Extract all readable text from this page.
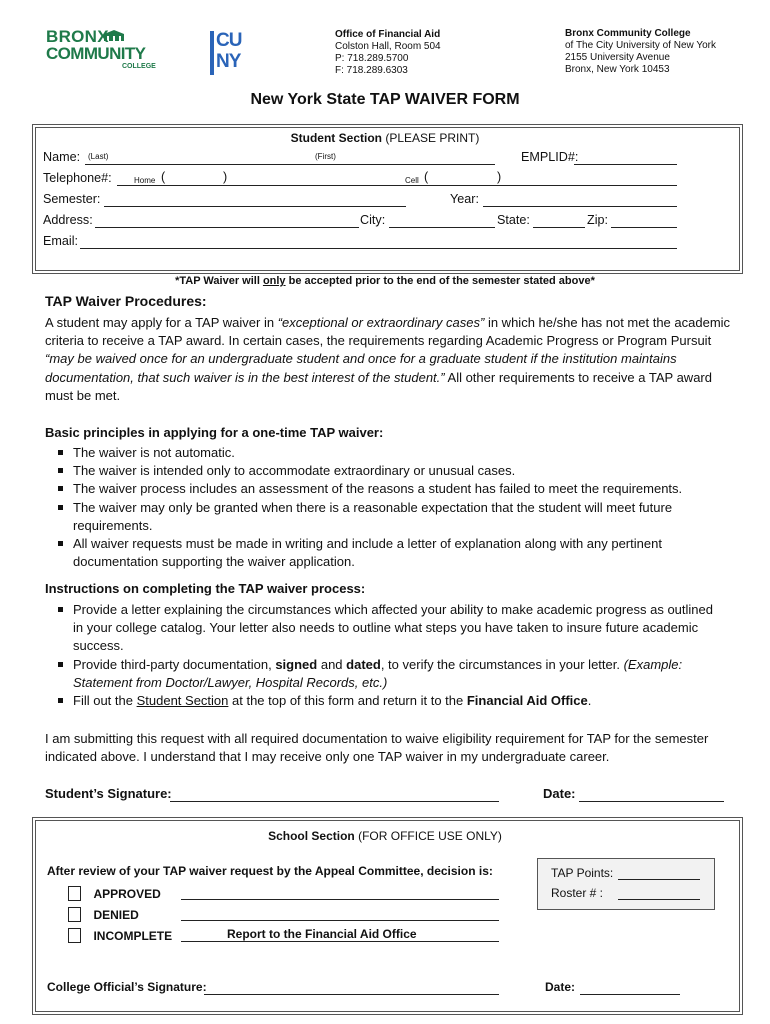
BRONX
COMMUNITY
COLLEGE
CU
NY
Office of Financial Aid
Colston Hall, Room 504
P: 718.289.5700
F: 718.289.6303
Bronx Community College
of The City University of New York
2155 University Avenue
Bronx, New York 10453
New York State TAP WAIVER FORM
Student Section (PLEASE PRINT)
Name: (Last)	(First)	EMPLID#:
Telephone#:	Home (	)	Cell (	)
Semester:	Year:
Address:	City:	State:	Zip:
Email:
*TAP Waiver will only be accepted prior to the end of the semester stated above*
TAP Waiver Procedures:
A student may apply for a TAP waiver in “exceptional or extraordinary cases” in which he/she has not met the academic criteria to receive a TAP award. In certain cases, the requirements regarding Academic Progress or Program Pursuit “may be waived once for an undergraduate student and once for a graduate student if the institution maintains documentation, that such waiver is in the best interest of the student.” All other requirements to receive a TAP award must be met.
Basic principles in applying for a one-time TAP waiver:
The waiver is not automatic.
The waiver is intended only to accommodate extraordinary or unusual cases.
The waiver process includes an assessment of the reasons a student has failed to meet the requirements.
The waiver may only be granted when there is a reasonable expectation that the student will meet future requirements.
All waiver requests must be made in writing and include a letter of explanation along with any pertinent documentation supporting the waiver application.
Instructions on completing the TAP waiver process:
Provide a letter explaining the circumstances which affected your ability to make academic progress as outlined in your college catalog. Your letter also needs to outline what steps you have taken to insure future academic success.
Provide third-party documentation, signed and dated, to verify the circumstances in your letter. (Example: Statement from Doctor/Lawyer, Hospital Records, etc.)
Fill out the Student Section at the top of this form and return it to the Financial Aid Office.
I am submitting this request with all required documentation to waive eligibility requirement for TAP for the semester indicated above. I understand that I may receive only one TAP waiver in my undergraduate career.
Student’s Signature:	Date:
School Section (FOR OFFICE USE ONLY)
After review of your TAP waiver request by the Appeal Committee, decision is:
APPROVED
DENIED
INCOMPLETE	Report to the Financial Aid Office
TAP Points:
Roster # :
College Official’s Signature:	Date:
